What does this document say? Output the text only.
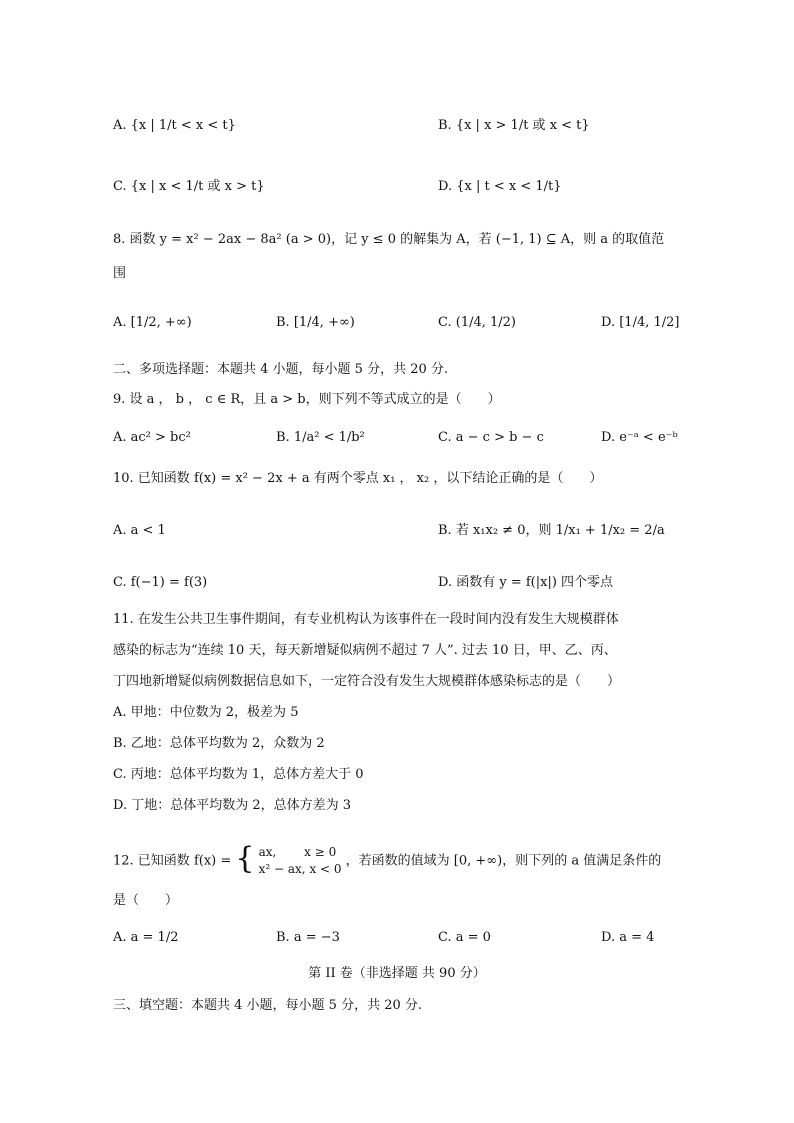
A. {x | 1/t < x < t}	B. {x | x > 1/t 或 x < t}
C. {x | x < 1/t 或 x > t}	D. {x | t < x < 1/t}
8. 函数 y = x² − 2ax − 8a² (a > 0)，记 y ≤ 0 的解集为 A，若 (−1, 1) ⊆ A，则 a 的取值范
围
A. [1/2, +∞)	B. [1/4, +∞)	C. (1/4, 1/2)	D. [1/4, 1/2]
二、多项选择题：本题共 4 小题，每小题 5 分，共 20 分.
9. 设 a ， b ， c ∈ R，且 a > b，则下列不等式成立的是（　　）
A. ac² > bc²	B. 1/a² < 1/b²	C. a − c > b − c	D. e⁻ᵃ < e⁻ᵇ
10. 已知函数 f(x) = x² − 2x + a 有两个零点 x₁ ， x₂ ，以下结论正确的是（　　）
A. a < 1	B. 若 x₁x₂ ≠ 0，则 1/x₁ + 1/x₂ = 2/a
C. f(−1) = f(3)	D. 函数有 y = f(|x|) 四个零点
11. 在发生公共卫生事件期间，有专业机构认为该事件在一段时间内没有发生大规模群体
感染的标志为“连续 10 天，每天新增疑似病例不超过 7 人”. 过去 10 日，甲、乙、丙、
丁四地新增疑似病例数据信息如下，一定符合没有发生大规模群体感染标志的是（　　）
A. 甲地：中位数为 2，极差为 5
B. 乙地：总体平均数为 2，众数为 2
C. 丙地：总体平均数为 1，总体方差大于 0
D. 丁地：总体平均数为 2，总体方差为 3
12. 已知函数 f(x) = { ax,　　 x ≥ 0
x² − ax, x < 0
，若函数的值域为 [0, +∞)，则下列的 a 值满足条件的
是（　　）
A. a = 1/2	B. a = −3	C. a = 0	D. a = 4
第 II 卷（非选择题 共 90 分）
三、填空题：本题共 4 小题，每小题 5 分，共 20 分.
